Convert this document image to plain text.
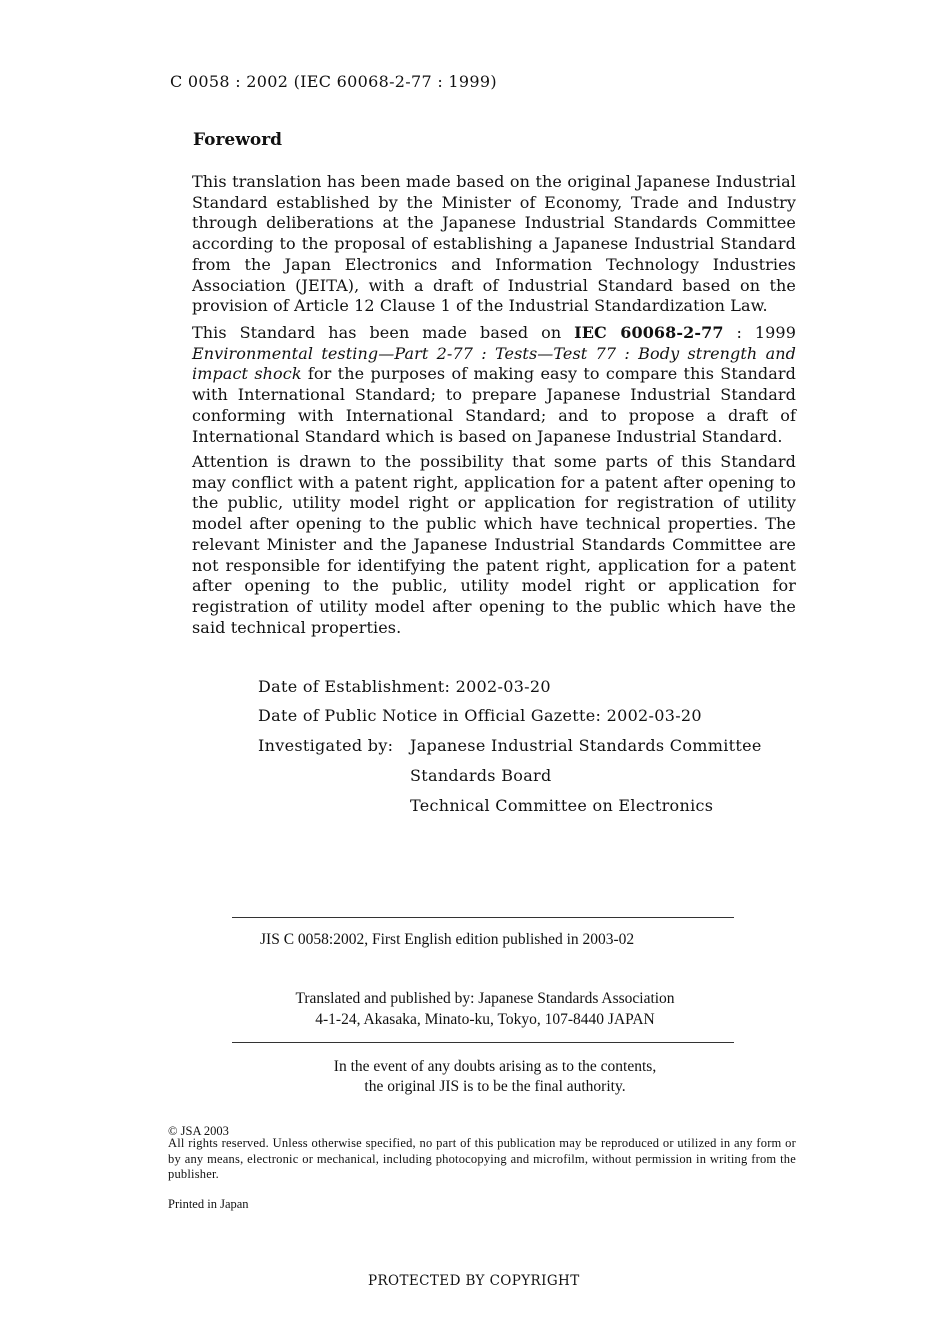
C 0058 : 2002 (IEC 60068-2-77 : 1999)
Foreword
This translation has been made based on the original Japanese Industrial Standard established by the Minister of Economy, Trade and Industry through deliberations at the Japanese Industrial Standards Committee according to the proposal of establishing a Japanese Industrial Standard from the Japan Electronics and Information Technology Industries Association (JEITA), with a draft of Industrial Standard based on the provision of Article 12 Clause 1 of the Industrial Standardization Law.
This Standard has been made based on IEC 60068-2-77 : 1999 Environmental testing—Part 2-77 : Tests—Test 77 : Body strength and impact shock for the purposes of making easy to compare this Standard with International Standard; to prepare Japanese Industrial Standard conforming with International Standard; and to propose a draft of International Standard which is based on Japanese Industrial Standard.
Attention is drawn to the possibility that some parts of this Standard may conflict with a patent right, application for a patent after opening to the public, utility model right or application for registration of utility model after opening to the public which have technical properties. The relevant Minister and the Japanese Industrial Standards Committee are not responsible for identifying the patent right, application for a patent after opening to the public, utility model right or application for registration of utility model after opening to the public which have the said technical properties.
Date of Establishment: 2002-03-20
Date of Public Notice in Official Gazette: 2002-03-20
Investigated by: Japanese Industrial Standards Committee
Standards Board
Technical Committee on Electronics
JIS C 0058:2002, First English edition published in 2003-02
Translated and published by: Japanese Standards Association
4-1-24, Akasaka, Minato-ku, Tokyo, 107-8440 JAPAN
In the event of any doubts arising as to the contents,
the original JIS is to be the final authority.
© JSA 2003
All rights reserved. Unless otherwise specified, no part of this publication may be reproduced or utilized in any form or by any means, electronic or mechanical, including photocopying and microfilm, without permission in writing from the publisher.
Printed in Japan
PROTECTED BY COPYRIGHT
